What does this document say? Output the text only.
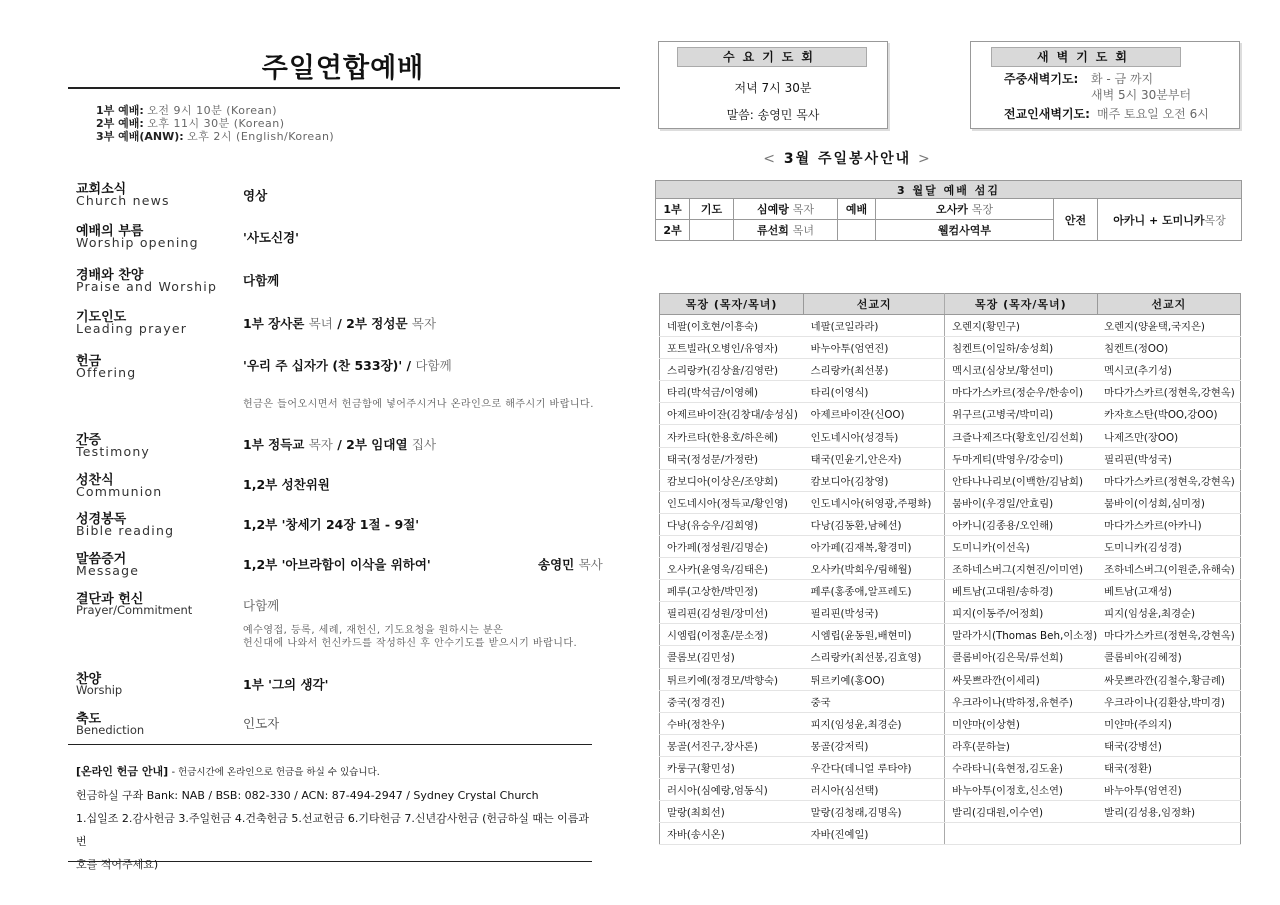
주일연합예배
1부 예배: 오전 9시 10분 (Korean)
2부 예배: 오후 11시 30분 (Korean)
3부 예배(ANW): 오후 2시 (English/Korean)
교회소식
Church news	영상
예배의 부름
Worship opening	'사도신경'
경배와 찬양
Praise and Worship 다함께
기도인도
Leading prayer	1부 장사론 목녀 / 2부 정성문 목자
헌금
Offering	'우리 주 십자가 (찬 533장)' / 다함께
헌금은 들어오시면서 헌금함에 넣어주시거나 온라인으로 해주시기 바랍니다.
간증
Testimony	1부 정득교 목자 / 2부 임대열 집사
성찬식
Communion	1,2부 성찬위원
성경봉독
Bible reading	1,2부 '창세기 24장 1절 - 9절'
말씀증거
Message	1,2부 '아브라함이 이삭을 위하여'	송영민 목사
결단과 헌신
Prayer/Commitment	다함께
예수영접, 등록, 세례, 재헌신, 기도요청을 원하시는 분은
헌신대에 나와서 헌신카드를 작성하신 후 안수기도를 받으시기 바랍니다.
찬양
Worship	1부 '그의 생각'
축도
Benediction	인도자
[온라인 헌금 안내] - 헌금시간에 온라인으로 헌금을 하실 수 있습니다.
헌금하실 구좌 Bank: NAB / BSB: 082-330 / ACN: 87-494-2947 / Sydney Crystal Church
1.십일조 2.감사헌금 3.주일헌금 4.건축헌금 5.선교헌금 6.기타헌금 7.신년감사헌금 (헌금하실 때는 이름과 번
호를 적어주세요)
수요기도회
저녁 7시 30분
말씀: 송영민 목사
새벽기도회
주중새벽기도: 화 - 금 까지
새벽 5시 30분부터
전교인새벽기도: 매주 토요일 오전 6시
< 3월 주일봉사안내 >
3 월달 예배 섬김						
1부	기도	심예랑 목자	예배	오사카 목장	안전	아카니 + 도미니카목장
2부		류선희 목녀		웰컴사역부		
목장 (목자/목녀)	선교지	목장 (목자/목녀)	선교지
네팔(이호현/이흥숙)	네팔(코일라라)	오렌지(황민구)	오렌지(양윤택,국지은)
포트빌라(오병인/유영자)	바누아투(엄연진)	침켄트(이일하/송성희)	침켄트(정OO)
스리랑카(김상율/김영란)	스리랑카(최선봉)	멕시코(심상보/황선미)	멕시코(추기성)
타리(박석금/이영혜)	타리(이영식)	마다가스카르(정순우/한송이)	마다가스카르(정현욱,강현옥)
아제르바이잔(김창대/송성심)	아제르바이잔(신OO)	위구르(고병국/박미리)	카자흐스탄(박OO,강OO)
자카르타(한용호/하은혜)	인도네시아(성경득)	크즐나제즈다(황호인/김선희)	나제즈만(장OO)
태국(정성문/가정란)	태국(민윤기,안은자)	두마게티(박영우/강승미)	필리핀(박성국)
캄보디아(이상은/조양희)	캄보디아(김창영)	안타나나리보(이백한/김남희)	마다가스카르(정현욱,강현옥)
인도네시아(정득교/황인영)	인도네시아(허영광,주평화)	뭄바이(우경일/안효림)	뭄바이(이성희,심미정)
다낭(유승우/김희영)	다낭(김동환,남혜선)	아카니(김종용/오인해)	마다가스카르(아카니)
아가페(정성원/김명순)	아가페(김재복,황경미)	도미니카(이선옥)	도미니카(김성경)
오사카(윤영욱/김태은)	오사카(박희우/림해월)	조하네스버그(지현진/이미연)	조하네스버그(이원준,유해숙)
페루(고상한/박민정)	페루(홍종애,알프레도)	베트남(고대원/송하경)	베트남(고재성)
필리핀(김성원/장미선)	필리핀(박성국)	피지(이동주/어정희)	피지(임성윤,최경순)
시엠립(이정훈/문소정)	시엠립(윤동원,배현미)	말라가시(Thomas Beh,이소정)	마다가스카르(정현욱,강현옥)
콜롬보(김민성)	스리랑카(최선봉,김효영)	콜롬비아(김은묵/류선희)	콜롬비아(김혜정)
튀르키예(정경모/박향숙)	튀르키예(홍OO)	싸뭇쁘라깐(이세리)	싸뭇쁘라깐(김철수,황금례)
중국(정경진)	중국	우크라이나(박하정,유현주)	우크라이나(김환삼,박미경)
수바(정찬우)	피지(임성윤,최경순)	미얀마(이상현)	미얀마(주의지)
몽골(서진구,장사론)	몽골(강저릭)	라후(문하늘)	태국(강병선)
카룽구(황민성)	우간다(데니얼 루타야)	수라타니(육현정,김도윤)	태국(정환)
러시아(심예랑,엄동식)	러시아(심선택)	바누아투(이정호,신소연)	바누아투(엄연진)
말랑(최희선)	말랑(김청래,김명옥)	발리(김대원,이수연)	발리(김성용,임정화)
자바(송시온)	자바(진예일)		
